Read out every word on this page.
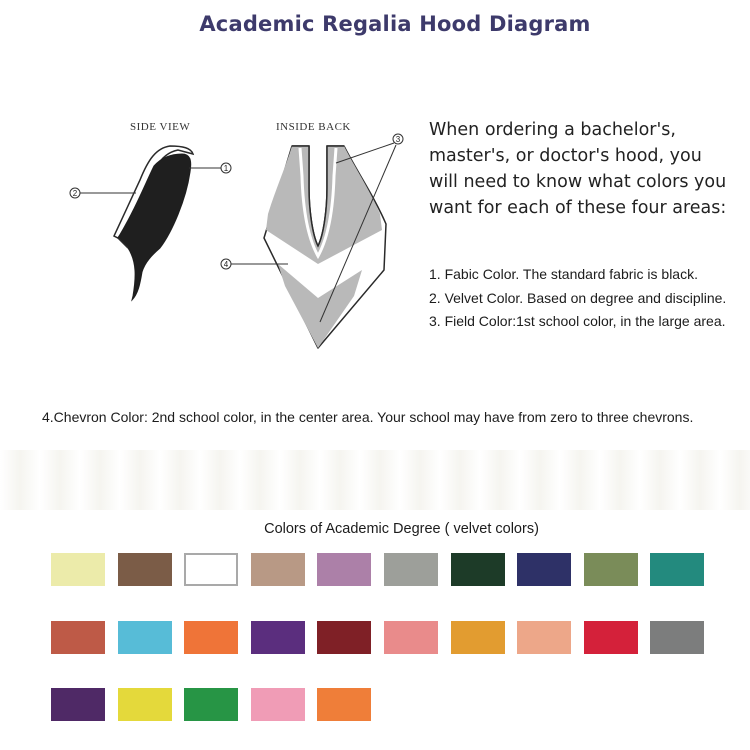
Academic Regalia Hood Diagram
SIDE VIEW	INSIDE BACK
1
2
3
4
When ordering a bachelor's, master's, or doctor's hood, you will need to know what colors you want for each of these four areas:

1. Fabic Color. The standard fabric is black.

2. Velvet Color. Based on degree and discipline.

3. Field Color:1st school color, in the large area.

4.Chevron Color: 2nd school color, in the center area. Your school may have from zero to three chevrons.
Colors of Academic Degree ( velvet colors)
